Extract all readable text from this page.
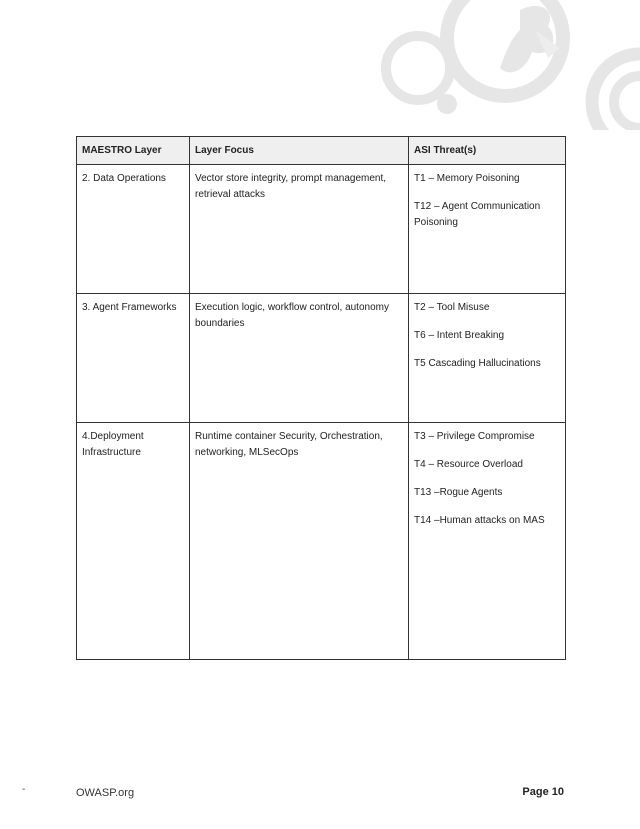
MAESTRO Layer	Layer Focus	ASI Threat(s)
2. Data Operations	Vector store integrity, prompt management, retrieval attacks	T1 – Memory Poisoning
T12 – Agent Communication Poisoning

3. Agent Frameworks	Execution logic, workflow control, autonomy boundaries	T2 – Tool Misuse
T6 – Intent Breaking
T5 Cascading Hallucinations

4.Deployment Infrastructure	Runtime container Security, Orchestration, networking, MLSecOps	T3 – Privilege Compromise
T4 – Resource Overload
T13 –Rogue Agents
T14 –Human attacks on MAS
-	OWASP.org	Page 10
